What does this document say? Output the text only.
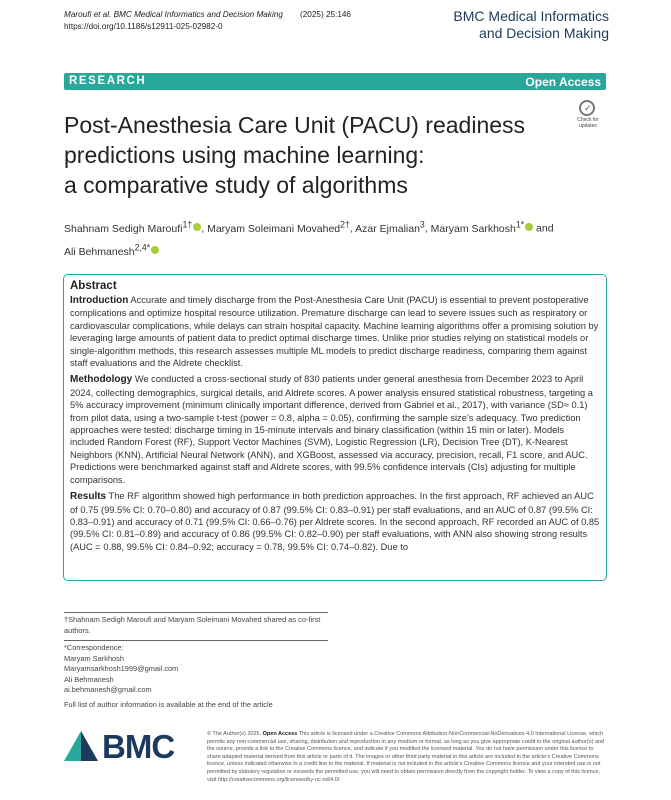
Maroufi et al. BMC Medical Informatics and Decision Making (2025) 25:146
https://doi.org/10.1186/s12911-025-02982-0
BMC Medical Informatics
and Decision Making
RESEARCH	Open Access
✓
Check for
updates
Post-Anesthesia Care Unit (PACU) readiness
predictions using machine learning:
a comparative study of algorithms
Shahnam Sedigh Maroufi$^{1\dagger}$ , Maryam Soleimani Movahed$^{2\dagger}$, Azar Ejmalian$^3$, Maryam Sarkhosh$^{1*}$ and
Ali Behmanesh$^{2,4*}$
Abstract

Introduction Accurate and timely discharge from the Post-Anesthesia Care Unit (PACU) is essential to prevent postoperative complications and optimize hospital resource utilization. Premature discharge can lead to severe issues such as respiratory or cardiovascular complications, while delays can strain hospital capacity. Machine learning algorithms offer a promising solution by leveraging large amounts of patient data to predict optimal discharge times. Unlike prior studies relying on statistical models or single-algorithm methods, this research assesses multiple ML models to predict discharge readiness, comparing them against staff evaluations and the Aldrete checklist.

Methodology We conducted a cross-sectional study of 830 patients under general anesthesia from December 2023 to April 2024, collecting demographics, surgical details, and Aldrete scores. A power analysis ensured statistical robustness, targeting a 5% accuracy improvement (minimum clinically important difference, derived from Gabriel et al., 2017), with variance (SD≈ 0.1) from pilot data, using a two-sample t-test (power = 0.8, alpha = 0.05), confirming the sample size’s adequacy. Two prediction approaches were tested: discharge timing in 15-minute intervals and binary classification (within 15 min or later). Models included Random Forest (RF), Support Vector Machines (SVM), Logistic Regression (LR), Decision Tree (DT), K-Nearest Neighbors (KNN), Artificial Neural Network (ANN), and XGBoost, assessed via accuracy, precision, recall, F1 score, and AUC. Predictions were benchmarked against staff and Aldrete scores, with 99.5% confidence intervals (CIs) adjusting for multiple comparisons.

Results The RF algorithm showed high performance in both prediction approaches. In the first approach, RF achieved an AUC of 0.75 (99.5% CI: 0.70–0.80) and accuracy of 0.87 (99.5% CI: 0.83–0.91) per staff evaluations, and an AUC of 0.87 (99.5% CI: 0.83–0.91) and accuracy of 0.71 (99.5% CI: 0.66–0.76) per Aldrete scores. In the second approach, RF recorded an AUC of 0.85 (99.5% CI: 0.81–0.89) and accuracy of 0.86 (99.5% CI: 0.82–0.90) per staff evaluations, with ANN also showing strong results (AUC = 0.88, 99.5% CI: 0.84–0.92; accuracy = 0.78, 99.5% CI: 0.74–0.82). Due to

†Shahnam Sedigh Maroufi and Maryam Soleimani Movahed shared as co-first authors.
*Correspondence:
Maryam Sarkhosh
Maryamsarkhosh1999@gmail.com
Ali Behmanesh
ai.behmanesh@gmail.com
Full list of author information is available at the end of the article
BMC	© The Author(s) 2025. Open Access This article is licensed under a Creative Commons Attribution-NonCommercial-NoDerivatives 4.0 International License, which permits any non-commercial use, sharing, distribution and reproduction in any medium or format, as long as you give appropriate credit to the original author(s) and the source, provide a link to the Creative Commons licence, and indicate if you modified the licensed material. You do not have permission under this licence to share adapted material derived from this article or parts of it. The images or other third party material in this article are included in the article’s Creative Commons licence, unless indicated otherwise in a credit line to the material. If material is not included in the article’s Creative Commons licence and your intended use is not permitted by statutory regulation or exceeds the permitted use, you will need to obtain permission directly from the copyright holder. To view a copy of this licence, visit http://creativecommons.org/licenses/by-nc-nd/4.0/.
